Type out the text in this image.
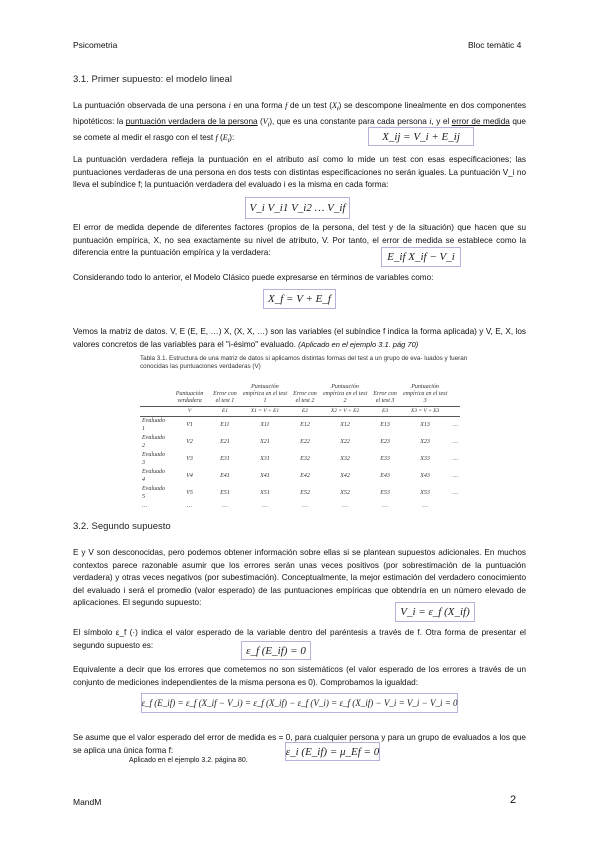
Psicometria	Bloc temàtic 4
3.1. Primer supuesto: el modelo lineal
La puntuación observada de una persona i en una forma f de un test $(X_i)$ se descompone linealmente en dos componentes hipotéticos: la puntuación verdadera de la persona $(V_i)$, que es una constante para cada persona i, y el error de medida que se comete al medir el rasgo con el test f $(E_i)$:	X_ij = V_i + E_ij
La puntuación verdadera refleja la puntuación en el atributo así como lo mide un test con esas especificaciones; las puntuaciones verdaderas de una persona en dos tests con distintas especificaciones no serán iguales. La puntuación V_i no lleva el subíndice f; la puntuación verdadera del evaluado i es la misma en cada forma:
V_i V_i1 V_i2 … V_if
El error de medida depende de diferentes factores (propios de la persona, del test y de la situación) que hacen que su puntuación empírica, X, no sea exactamente su nivel de atributo, V. Por tanto, el error de medida se establece como la diferencia entre la puntuación empírica y la verdadera:	E_if X_if − V_i
Considerando todo lo anterior, el Modelo Clásico puede expresarse en términos de variables como:
X_f = V + E_f
Vemos la matriz de datos. V, E (E, E, …) X, (X, X, …) son las variables (el subíndice f indica la forma aplicada) y V, E, X, los valores concretos de las variables para el "i-ésimo" evaluado. (Aplicado en el ejemplo 3.1. pág 70)
Tabla 3.1. Estructura de una matriz de datos si aplicamos distintas formas del test a un grupo de eva- luados y fueran conocidas las puntuaciones verdaderas (V)
	Puntuación verdadera	Error con el test 1	Puntuación empírica en el test 1	Error con el test 2	Puntuación empírica en el test 2	Error con el test 3	Puntuación empírica en el test 3	
	V	E1	X1 = V + E1	E2	X2 = V + E2	E3	X3 = V + E3	
Evaluado 1	V1	E11	X11	E12	X12	E13	X13	…
Evaluado 2	V2	E21	X21	E22	X22	E23	X23	…
Evaluado 3	V3	E31	X31	E32	X32	E33	X33	…
Evaluado 4	V4	E41	X41	E42	X42	E43	X43	…
Evaluado 5	V5	E51	X51	E52	X52	E53	X53	…
…	…	…	…	…	…	…	…	
3.2. Segundo supuesto
E y V son desconocidas, pero podemos obtener información sobre ellas si se plantean supuestos adicionales. En muchos contextos parece razonable asumir que los errores serán unas veces positivos (por sobrestimación de la puntuación verdadera) y otras veces negativos (por subestimación). Conceptualmente, la mejor estimación del verdadero conocimiento del evaluado i será el promedio (valor esperado) de las puntuaciones empíricas que obtendría en un número elevado de aplicaciones. El segundo supuesto:
V_i = ε_f (X_if)
El símbolo ε_f (·) indica el valor esperado de la variable dentro del paréntesis a través de f. Otra forma de presentar el segundo supuesto es:	ε_f (E_if) = 0
Equivalente a decir que los errores que cometemos no son sistemáticos (el valor esperado de los errores a través de un conjunto de mediciones independientes de la misma persona es 0). Comprobamos la igualdad:
ε_f (E_if) = ε_f (X_if − V_i) = ε_f (X_if) − ε_f (V_i) = ε_f (X_if) − V_i = V_i − V_i = 0
Se asume que el valor esperado del error de medida es = 0, para cualquier persona y para un grupo de evaluados a los que se aplica una única forma f:	ε_i (E_if) = μ_Ef = 0
Aplicado en el ejemplo 3.2. página 80.
MandM	2
